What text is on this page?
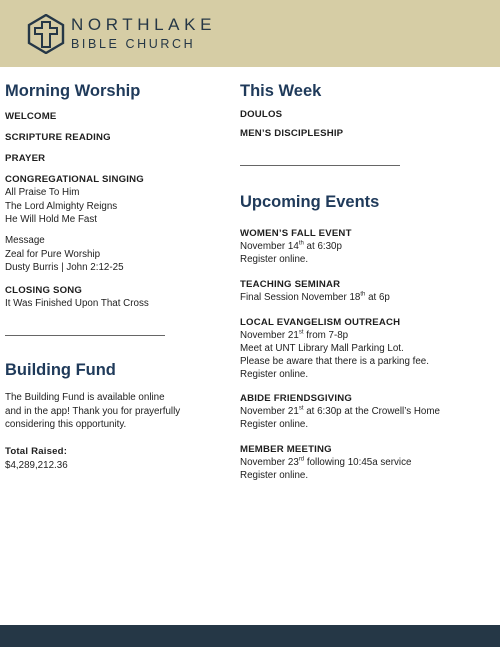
NORTHLAKE
BIBLE CHURCH
Morning Worship
WELCOME
SCRIPTURE READING
PRAYER
CONGREGATIONAL SINGING
All Praise To Him
The Lord Almighty Reigns
He Will Hold Me Fast
Message
Zeal for Pure Worship
Dusty Burris | John 2:12-25
CLOSING SONG
It Was Finished Upon That Cross
Building Fund
The Building Fund is available online
and in the app! Thank you for prayerfully
considering this opportunity.
Total Raised:
$4,289,212.36
This Week
DOULOS
MEN’S DISCIPLESHIP
Upcoming Events
WOMEN’S FALL EVENT
November 14th at 6:30p
Register online.
TEACHING SEMINAR
Final Session November 18th at 6p
LOCAL EVANGELISM OUTREACH
November 21st from 7-8p
Meet at UNT Library Mall Parking Lot.
Please be aware that there is a parking fee.
Register online.
ABIDE FRIENDSGIVING
November 21st at 6:30p at the Crowell’s Home
Register online.
MEMBER MEETING
November 23rd following 10:45a service
Register online.
